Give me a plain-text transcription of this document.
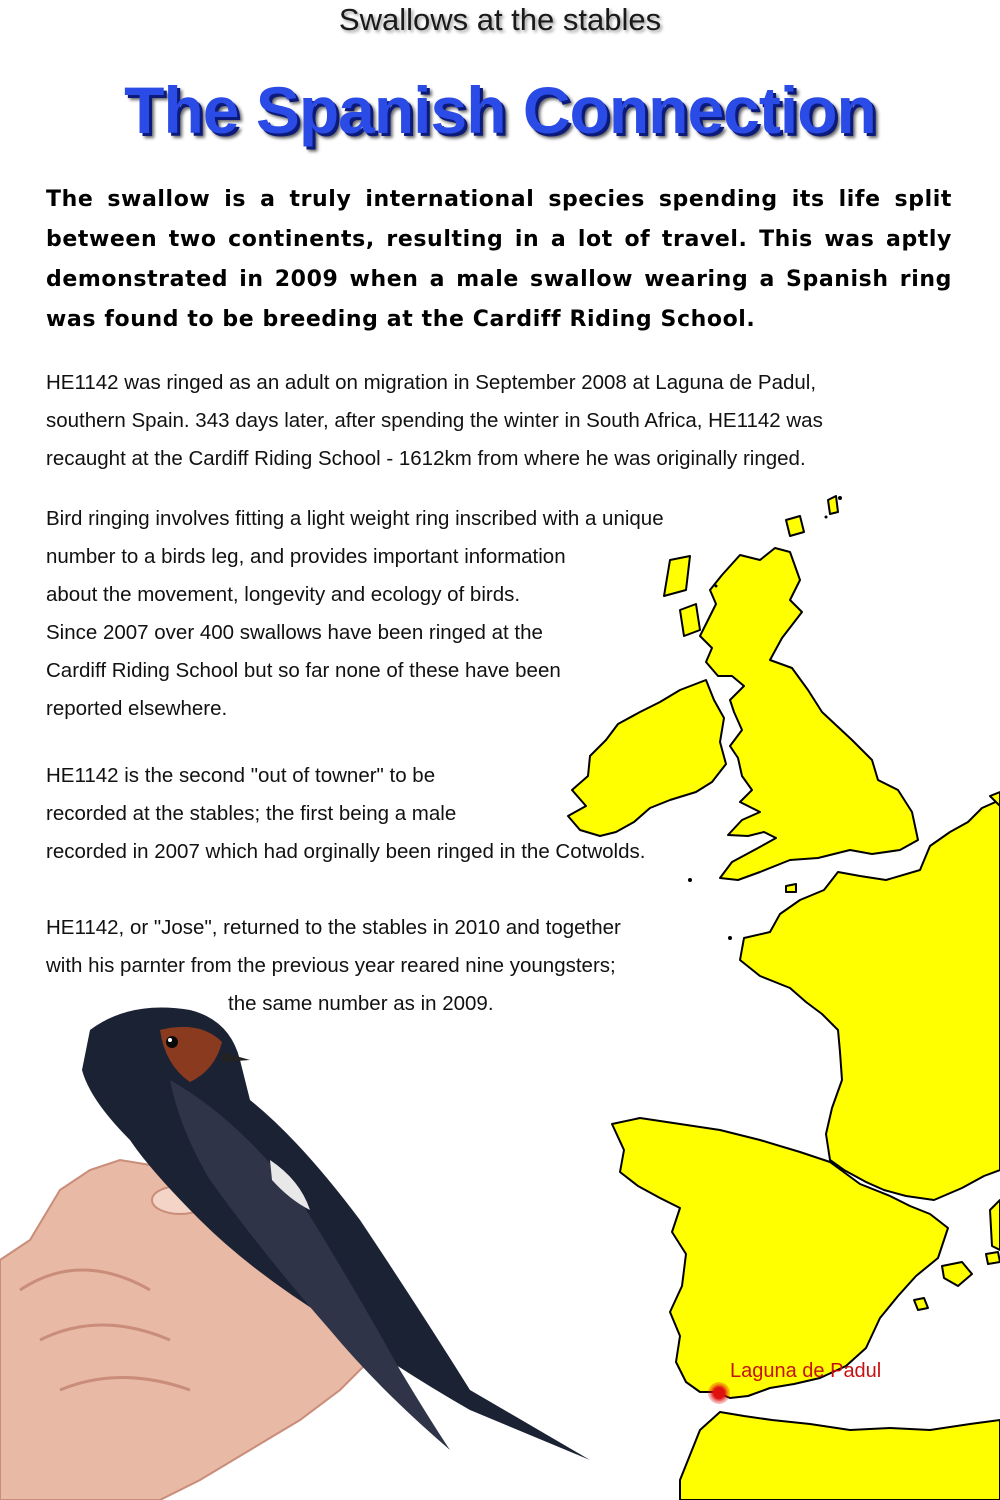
Laguna de Padul
Swallows at the stables
The Spanish Connection
The swallow is a truly international species spending its life split between two continents, resulting in a lot of travel. This was aptly demonstrated in 2009 when a male swallow wearing a Spanish ring was found to be breeding at the Cardiff Riding School.
HE1142 was ringed as an adult on migration in September 2008 at Laguna de Padul,
southern Spain. 343 days later, after spending the winter in South Africa, HE1142 was
recaught at the Cardiff Riding School - 1612km from where he was originally ringed.
Bird ringing involves fitting a light weight ring inscribed with a unique
number to a birds leg, and provides important information
about the movement, longevity and ecology of birds.
Since 2007 over 400 swallows have been ringed at the
Cardiff Riding School but so far none of these have been
reported elsewhere.
HE1142 is the second "out of towner" to be
recorded at the stables; the first being a male
recorded in 2007 which had orginally been ringed in the Cotwolds.
HE1142, or "Jose", returned to the stables in 2010 and together
with his parnter from the previous year reared nine youngsters;
the same number as in 2009.
